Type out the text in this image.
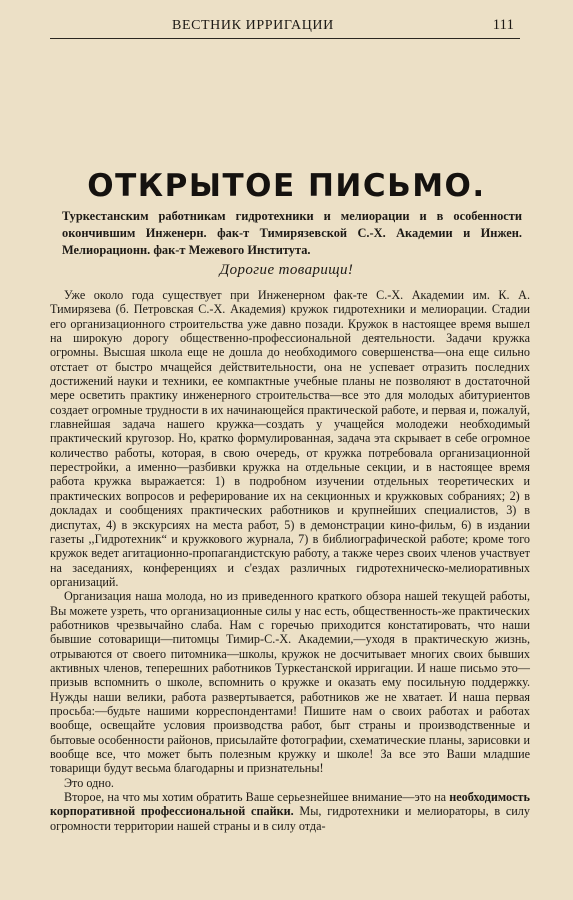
ВЕСТНИК ИРРИГАЦИИ	111
ОТКРЫТОЕ ПИСЬМО.
Туркестанским работникам гидротехники и мелиорации и в особенности окончившим Инженерн. фак-т Тимирязевской С.-Х. Академии и Инжен. Мелиорационн. фак-т Межевого Института.
Дорогие товарищи!

Уже около года существует при Инженерном фак-те С.-Х. Академии им. К. А. Тимирязева (б. Петровская С.-Х. Академия) кружок гидротехники и мелиорации. Стадии его организационного строительства уже давно позади. Кружок в настоящее время вышел на широкую дорогу общественно-профессиональной деятельности. Задачи кружка огромны. Высшая школа еще не дошла до необходимого совершенства—она еще сильно отстает от быстро мчащейся действительности, она не успевает отразить последних достижений науки и техники, ее компактные учебные планы не позволяют в достаточной мере осветить практику инженерного строительства—все это для молодых абитуриентов создает огромные трудности в их начинающейся практической работе, и первая и, пожалуй, главнейшая задача нашего кружка—создать у учащейся молодежи необходимый практический кругозор. Но, кратко формулированная, задача эта скрывает в себе огромное количество работы, которая, в свою очередь, от кружка потребовала организационной перестройки, а именно—разбивки кружка на отдельные секции, и в настоящее время работа кружка выражается: 1) в подробном изучении отдельных теоретических и практических вопросов и реферирование их на секционных и кружковых собраниях; 2) в докладах и сообщениях практических работников и крупнейших специалистов, 3) в диспутах, 4) в экскурсиях на места работ, 5) в демонстрации кино-фильм, 6) в издании газеты ,,Гидротехник“ и кружкового журнала, 7) в библиографической работе; кроме того кружок ведет агитационно-пропагандистскую работу, а также через своих членов участвует на заседаниях, конференциях и с'ездах различных гидротехническо-мелиоративных организаций.

Организация наша молода, но из приведенного краткого обзора нашей текущей работы, Вы можете узреть, что организационные силы у нас есть, общественность-же практических работников чрезвычайно слаба. Нам с горечью приходится констатировать, что наши бывшие сотоварищи—питомцы Тимир-С.-Х. Академии,—уходя в практическую жизнь, отрываются от своего питомника—школы, кружок не досчитывает многих своих бывших активных членов, теперешних работников Туркестанской ирригации. И наше письмо это—призыв вспомнить о школе, вспомнить о кружке и оказать ему посильную поддержку. Нужды наши велики, работа развертывается, работников же не хватает. И наша первая просьба:—будьте нашими корреспондентами! Пишите нам о своих работах и работах вообще, освещайте условия производства работ, быт страны и производственные и бытовые особенности районов, присылайте фотографии, схематические планы, зарисовки и вообще все, что может быть полезным кружку и школе! За все это Ваши младшие товарищи будут весьма благодарны и признательны!

Это одно.

Второе, на что мы хотим обратить Ваше серьезнейшее внимание—это на необходимость корпоративной профессиональной спайки. Мы, гидротехники и мелиораторы, в силу огромности территории нашей страны и в силу отда-
